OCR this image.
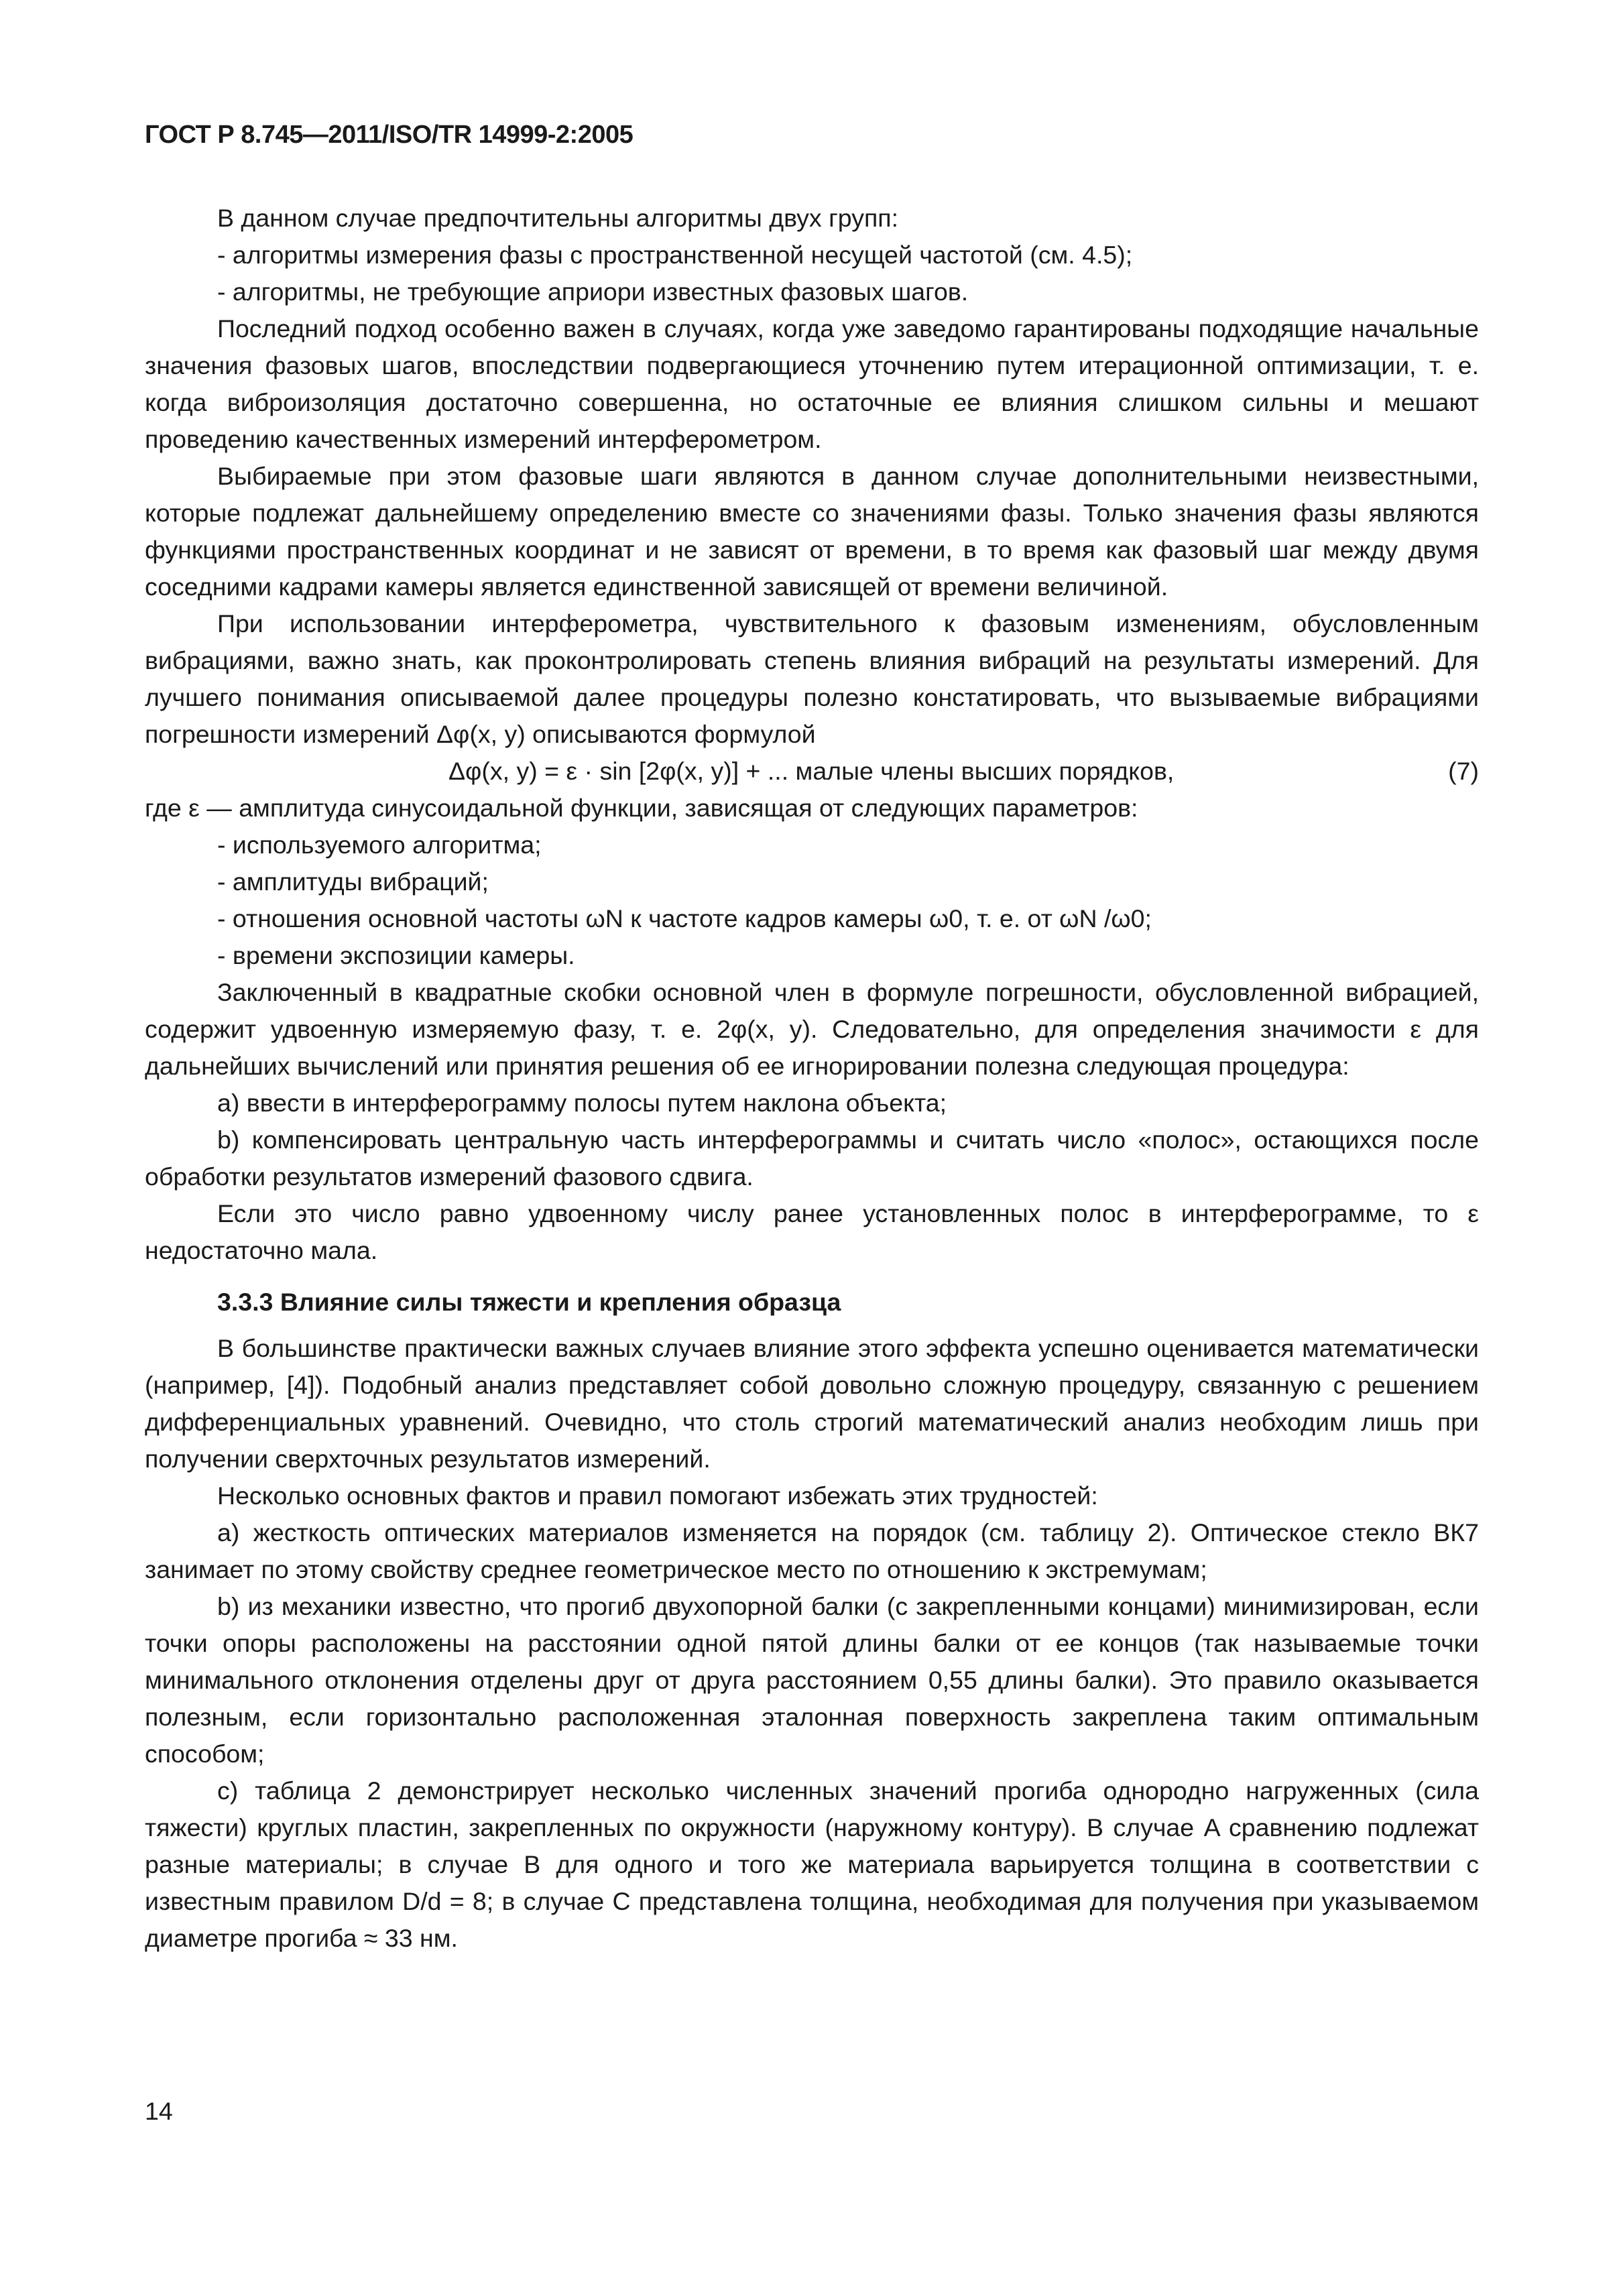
ГОСТ Р 8.745—2011/ISO/TR 14999-2:2005

В данном случае предпочтительны алгоритмы двух групп:

- алгоритмы измерения фазы с пространственной несущей частотой (см. 4.5);

- алгоритмы, не требующие априори известных фазовых шагов.

Последний подход особенно важен в случаях, когда уже заведомо гарантированы подходящие начальные значения фазовых шагов, впоследствии подвергающиеся уточнению путем итерационной оптимизации, т. е. когда виброизоляция достаточно совершенна, но остаточные ее влияния слишком сильны и мешают проведению качественных измерений интерферометром.

Выбираемые при этом фазовые шаги являются в данном случае дополнительными неизвестными, которые подлежат дальнейшему определению вместе со значениями фазы. Только значения фазы являются функциями пространственных координат и не зависят от времени, в то время как фазовый шаг между двумя соседними кадрами камеры является единственной зависящей от времени величиной.

При использовании интерферометра, чувствительного к фазовым изменениям, обусловленным вибрациями, важно знать, как проконтролировать степень влияния вибраций на результаты измерений. Для лучшего понимания описываемой далее процедуры полезно констатировать, что вызываемые вибрациями погрешности измерений Δφ(x, y) описываются формулой

Δφ(x, y) = ε · sin [2φ(x, y)] + ... малые члены высших порядков,	(7)

где ε — амплитуда синусоидальной функции, зависящая от следующих параметров:

- используемого алгоритма;

- амплитуды вибраций;

- отношения основной частоты ωN к частоте кадров камеры ω0, т. е. от ωN /ω0;

- времени экспозиции камеры.

Заключенный в квадратные скобки основной член в формуле погрешности, обусловленной вибрацией, содержит удвоенную измеряемую фазу, т. е. 2φ(x, y). Следовательно, для определения значимости ε для дальнейших вычислений или принятия решения об ее игнорировании полезна следующая процедура:

a) ввести в интерферограмму полосы путем наклона объекта;

b) компенсировать центральную часть интерферограммы и считать число «полос», остающихся после обработки результатов измерений фазового сдвига.

Если это число равно удвоенному числу ранее установленных полос в интерферограмме, то ε недостаточно мала.

3.3.3 Влияние силы тяжести и крепления образца

В большинстве практически важных случаев влияние этого эффекта успешно оценивается математически (например, [4]). Подобный анализ представляет собой довольно сложную процедуру, связанную с решением дифференциальных уравнений. Очевидно, что столь строгий математический анализ необходим лишь при получении сверхточных результатов измерений.

Несколько основных фактов и правил помогают избежать этих трудностей:

a) жесткость оптических материалов изменяется на порядок (см. таблицу 2). Оптическое стекло ВК7 занимает по этому свойству среднее геометрическое место по отношению к экстремумам;

b) из механики известно, что прогиб двухопорной балки (с закрепленными концами) минимизирован, если точки опоры расположены на расстоянии одной пятой длины балки от ее концов (так называемые точки минимального отклонения отделены друг от друга расстоянием 0,55 длины балки). Это правило оказывается полезным, если горизонтально расположенная эталонная поверхность закреплена таким оптимальным способом;

c) таблица 2 демонстрирует несколько численных значений прогиба однородно нагруженных (сила тяжести) круглых пластин, закрепленных по окружности (наружному контуру). В случае A сравнению подлежат разные материалы; в случае B для одного и того же материала варьируется толщина в соответствии с известным правилом D/d = 8; в случае C представлена толщина, необходимая для получения при указываемом диаметре прогиба ≈ 33 нм.

14
